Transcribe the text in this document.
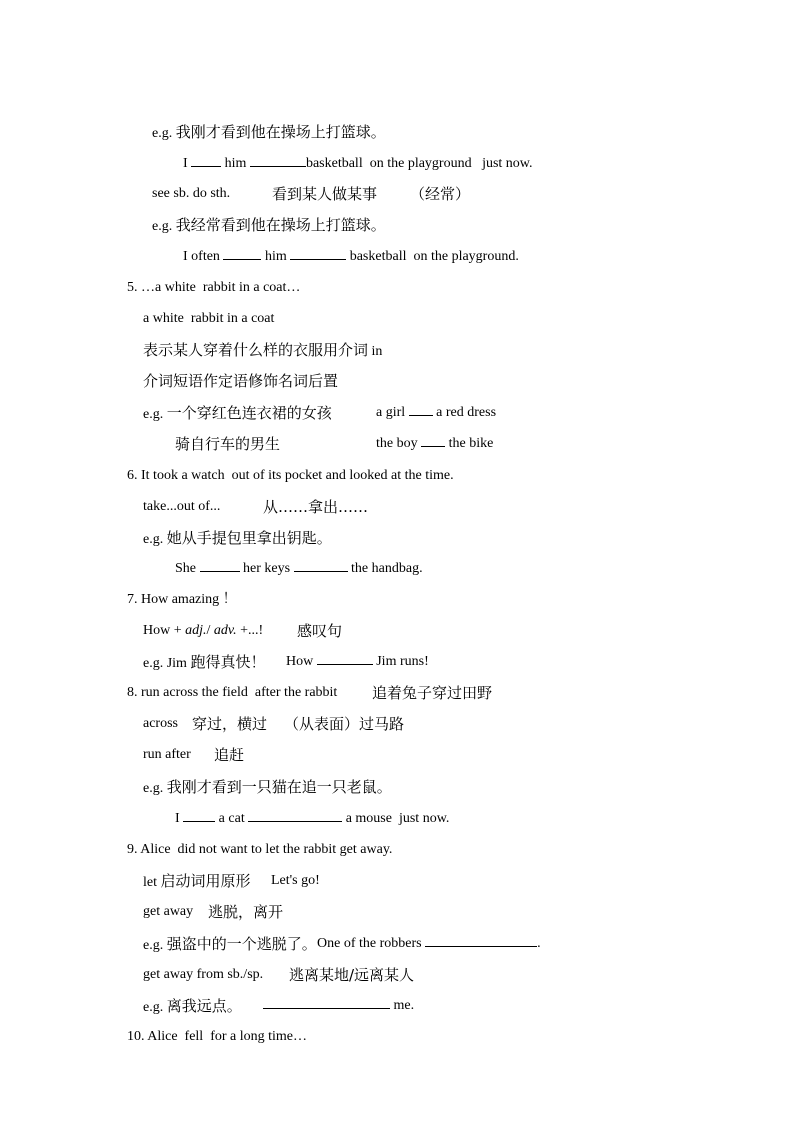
e.g. 我刚才看到他在操场上打篮球。

I  him	basketball  on the playground   just now.

see sb. do sth.	看到某人做某事 （经常）

e.g. 我经常看到他在操场上打篮球。

I often	him	basketball  on the playground.

5. …a white  rabbit in a coat…

a white  rabbit in a coat

表示某人穿着什么样的衣服用介词 in

介词短语作定语修饰名词后置

e.g. 一个穿红色连衣裙的女孩	a girl  a red dress

骑自行车的男生	the boy  the bike

6. It took a watch  out of its pocket and looked at the time.

take...out of...	从……拿出……

e.g. 她从手提包里拿出钥匙。

She	her keys	the handbag.

7. How amazing ！

How + adj./ adv. +...! 感叹句

e.g. Jim 跑得真快！ How	Jim runs!

8. run across the field  after the rabbit 追着兔子穿过田野

across 穿过，横过 （从表面）过马路

run after 追赶

e.g. 我刚才看到一只猫在追一只老鼠。

I  a cat	a mouse  just now.

9. Alice  did not want to let the rabbit get away.

let 启动词用原形 Let's go!

get away 逃脱，离开

e.g. 强盗中的一个逃脱了。 One of the robbers	.

get away from sb./sp. 逃离某地/远离某人

e.g. 离我远点。	me.

10. Alice  fell  for a long time…
